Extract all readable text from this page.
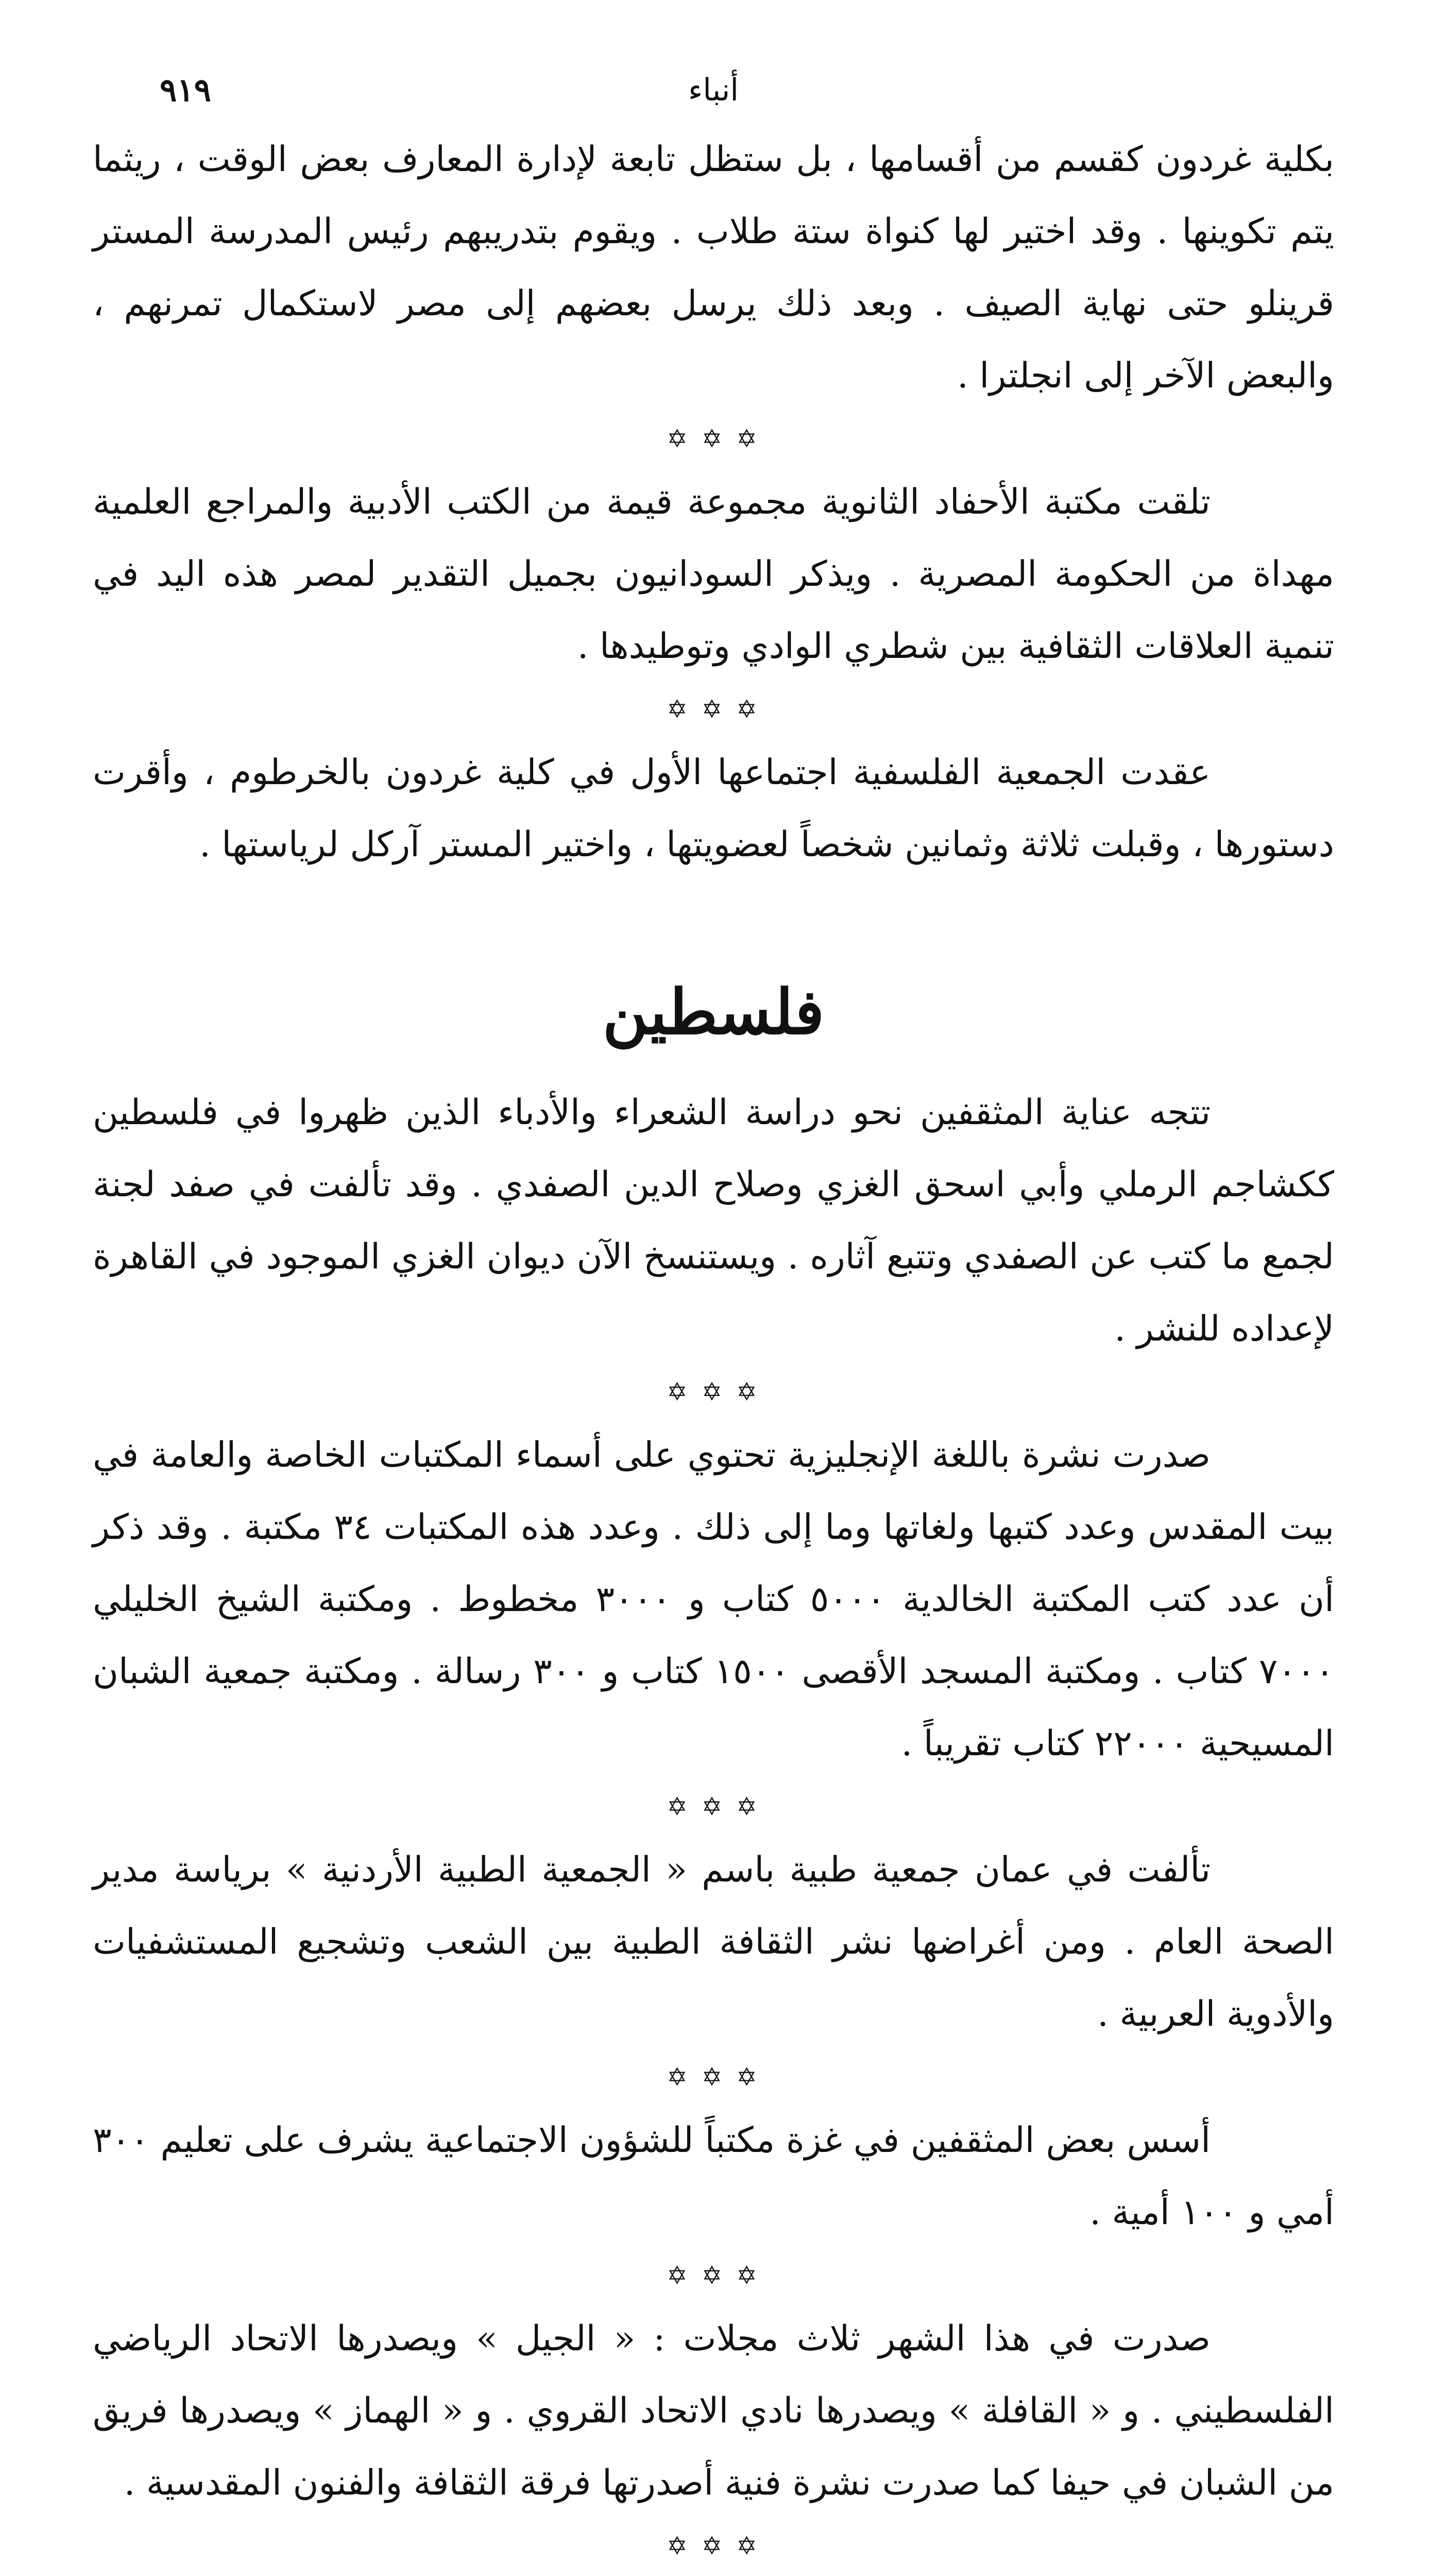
أنباء
٩١٩

بكلية غردون كقسم من أقسامها ، بل ستظل تابعة لإدارة المعارف بعض الوقت ، ريثما يتم تكوينها . وقد اختير لها كنواة ستة طلاب . ويقوم بتدريبهم رئيس المدرسة المستر قرينلو حتى نهاية الصيف . وبعد ذلك يرسل بعضهم إلى مصر لاستكمال تمرنهم ، والبعض الآخر إلى انجلترا .

✡ ✡ ✡

تلقت مكتبة الأحفاد الثانوية مجموعة قيمة من الكتب الأدبية والمراجع العلمية مهداة من الحكومة المصرية . ويذكر السودانيون بجميل التقدير لمصر هذه اليد في تنمية العلاقات الثقافية بين شطري الوادي وتوطيدها .

✡ ✡ ✡

عقدت الجمعية الفلسفية اجتماعها الأول في كلية غردون بالخرطوم ، وأقرت دستورها ، وقبلت ثلاثة وثمانين شخصاً لعضويتها ، واختير المستر آركل لرياستها .

فلسطين

تتجه عناية المثقفين نحو دراسة الشعراء والأدباء الذين ظهروا في فلسطين ككشاجم الرملي وأبي اسحق الغزي وصلاح الدين الصفدي . وقد تألفت في صفد لجنة لجمع ما كتب عن الصفدي وتتبع آثاره . ويستنسخ الآن ديوان الغزي الموجود في القاهرة لإعداده للنشر .

✡ ✡ ✡

صدرت نشرة باللغة الإنجليزية تحتوي على أسماء المكتبات الخاصة والعامة في بيت المقدس وعدد كتبها ولغاتها وما إلى ذلك . وعدد هذه المكتبات ٣٤ مكتبة . وقد ذكر أن عدد كتب المكتبة الخالدية ٥٠٠٠ كتاب و ٣٠٠٠ مخطوط . ومكتبة الشيخ الخليلي ٧٠٠٠ كتاب . ومكتبة المسجد الأقصى ١٥٠٠ كتاب و ٣٠٠ رسالة . ومكتبة جمعية الشبان المسيحية ٢٢٠٠٠ كتاب تقريباً .

✡ ✡ ✡

تألفت في عمان جمعية طبية باسم « الجمعية الطبية الأردنية » برياسة مدير الصحة العام . ومن أغراضها نشر الثقافة الطبية بين الشعب وتشجيع المستشفيات والأدوية العربية .

✡ ✡ ✡

أسس بعض المثقفين في غزة مكتباً للشؤون الاجتماعية يشرف على تعليم ٣٠٠ أمي و ١٠٠ أمية .

✡ ✡ ✡

صدرت في هذا الشهر ثلاث مجلات : « الجيل » ويصدرها الاتحاد الرياضي الفلسطيني . و « القافلة » ويصدرها نادي الاتحاد القروي . و « الهماز » ويصدرها فريق من الشبان في حيفا كما صدرت نشرة فنية أصدرتها فرقة الثقافة والفنون المقدسية .

✡ ✡ ✡
